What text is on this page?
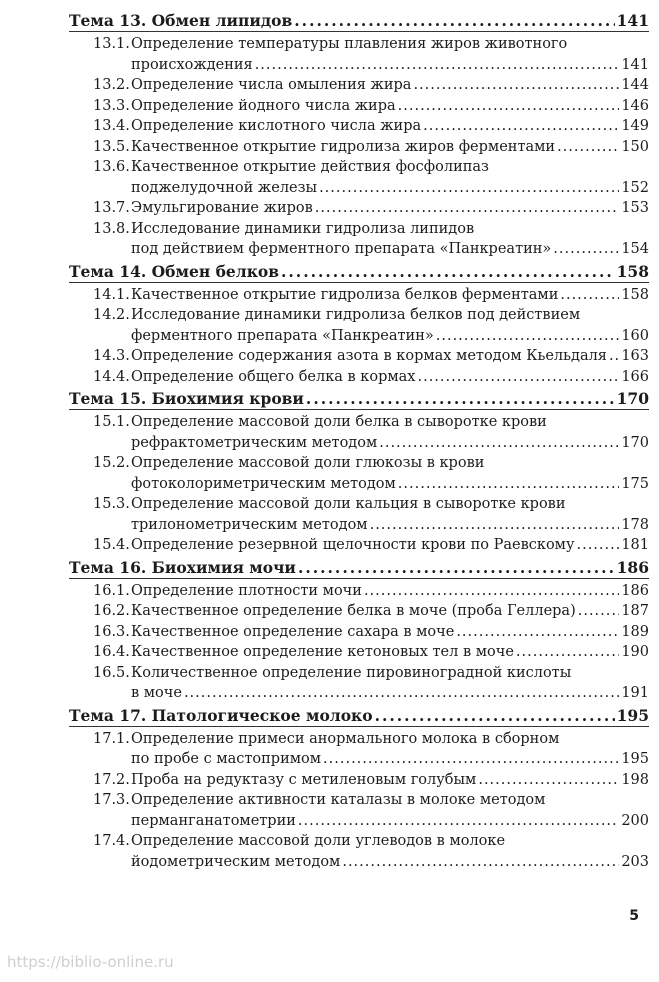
Тема 13. Обмен липидов .....	141
13.1. Определение температуры плавления жиров животного
происхождения .....	141
13.2. Определение числа омыления жира .....	144
13.3. Определение йодного числа жира .....	146
13.4. Определение кислотного числа жира .....	149
13.5. Качественное открытие гидролиза жиров ферментами .....	150
13.6. Качественное открытие действия фосфолипаз
поджелудочной железы .....	152
13.7. Эмульгирование жиров .....	153
13.8. Исследование динамики гидролиза липидов
под действием ферментного препарата «Панкреатин» .....	154
Тема 14. Обмен белков .....	158
14.1. Качественное открытие гидролиза белков ферментами .....	158
14.2. Исследование динамики гидролиза белков под действием
ферментного препарата «Панкреатин» .....	160
14.3. Определение содержания азота в кормах методом Кьельдаля ..... 163
14.4. Определение общего белка в кормах .....	166
Тема 15. Биохимия крови .....	170
15.1. Определение массовой доли белка в сыворотке крови
рефрактометрическим методом .....	170
15.2. Определение массовой доли глюкозы в крови
фотоколориметрическим методом .....	175
15.3. Определение массовой доли кальция в сыворотке крови
трилонометрическим методом .....	178
15.4. Определение резервной щелочности крови по Раевскому .....	181
Тема 16. Биохимия мочи .....	186
16.1. Определение плотности мочи .....	186
16.2. Качественное определение белка в моче (проба Геллера) .....	187
16.3. Качественное определение сахара в моче .....	189
16.4. Качественное определение кетоновых тел в моче .....	190
16.5. Количественное определение пировиноградной кислоты
в моче .....	191
Тема 17. Патологическое молоко .....	195
17.1. Определение примеси анормального молока в сборном
по пробе с мастопримом .....	195
17.2. Проба на редуктазу с метиленовым голубым .....	198
17.3. Определение активности каталазы в молоке методом
перманганатометрии .....	200
17.4. Определение массовой доли углеводов в молоке
йодометрическим методом .....	203
5
https://biblio-online.ru
